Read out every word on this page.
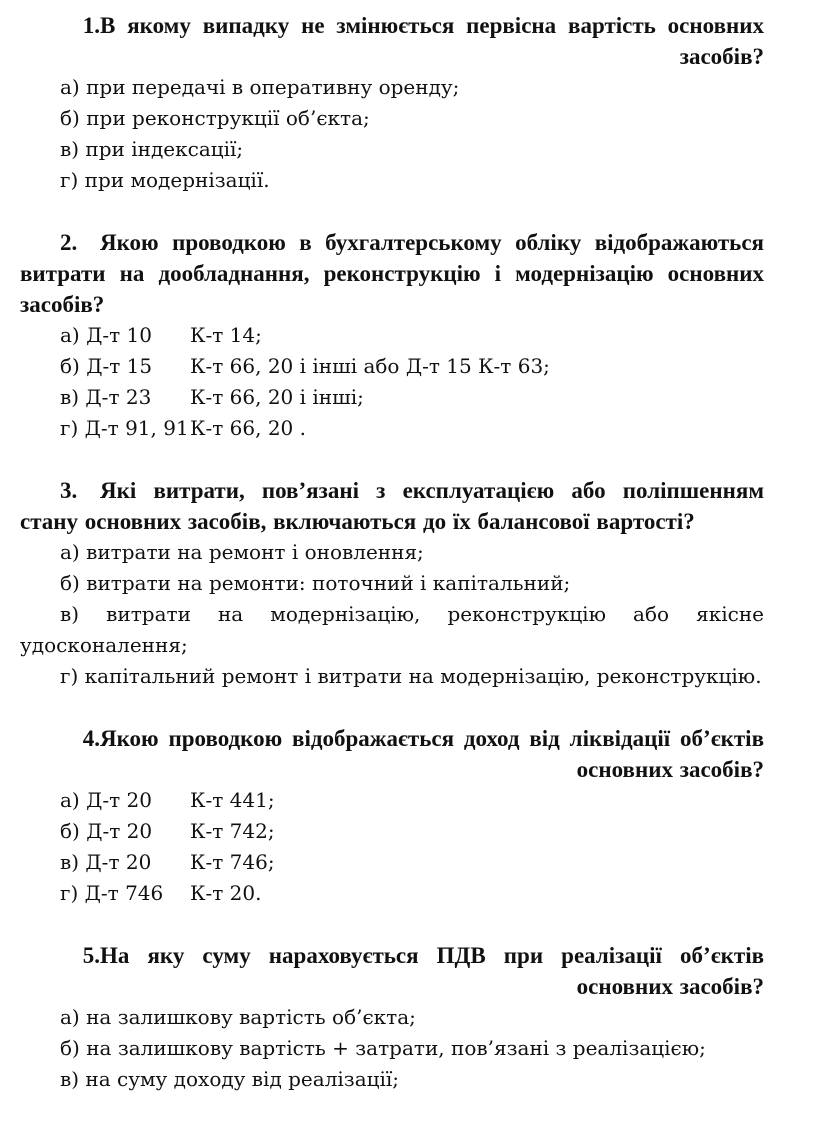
1.В якому випадку не змінюється первісна вартість основних засобів?
а) при передачі в оперативну оренду;
б) при реконструкції об’єкта;
в) при індексації;
г) при модернізації.
2. Якою проводкою в бухгалтерському обліку відображаються витрати на дообладнання, реконструкцію і модернізацію основних засобів?
а) Д-т 10 К-т 14;
б) Д-т 15 К-т 66, 20 і інші або Д-т 15 К-т 63;
в) Д-т 23 К-т 66, 20 і інші;
г) Д-т 91, 91К-т 66, 20 .
3. Які витрати, пов’язані з експлуатацією або поліпшенням стану основних засобів, включаються до їх балансової вартості?
а) витрати на ремонт і оновлення;
б) витрати на ремонти: поточний і капітальний;
в) витрати на модернізацію, реконструкцію або якісне удосконалення;
г) капітальний ремонт і витрати на модернізацію, реконструкцію.
4.Якою проводкою відображається доход від ліквідації об’єктів основних засобів?
а) Д-т 20 К-т 441;
б) Д-т 20 К-т 742;
в) Д-т 20 К-т 746;
г) Д-т 746 К-т 20.
5.На яку суму нараховується ПДВ при реалізації об’єктів основних засобів?
а) на залишкову вартість об’єкта;
б) на залишкову вартість + затрати, пов’язані з реалізацією;
в) на суму доходу від реалізації;
